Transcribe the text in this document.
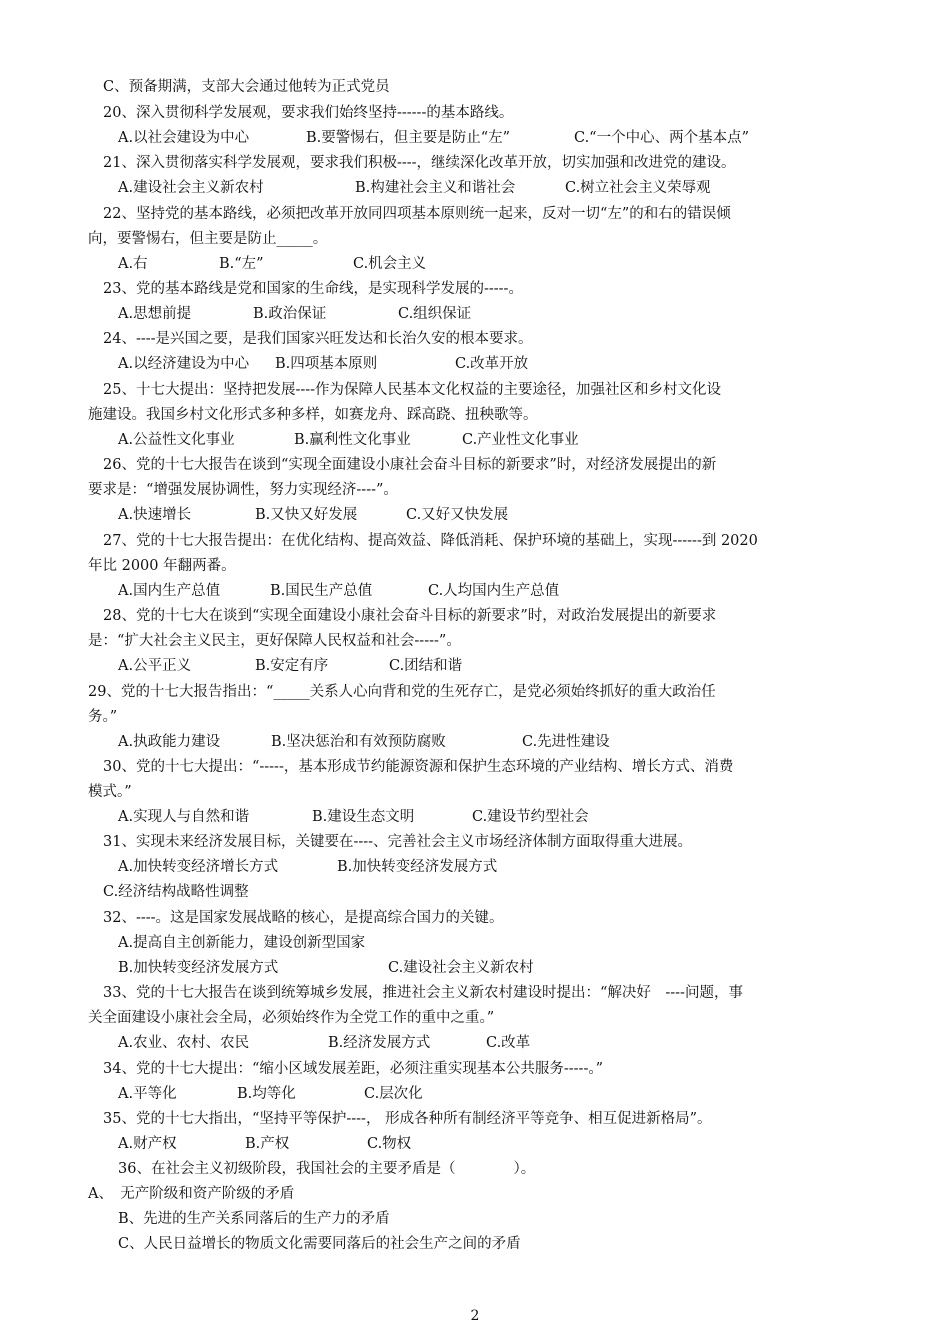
C、预备期满，支部大会通过他转为正式党员
20、深入贯彻科学发展观，要求我们始终坚持------的基本路线。
A.以社会建设为中心	B.要警惕右，但主要是防止“左”	C.“一个中心、两个基本点”
21、深入贯彻落实科学发展观，要求我们积极----，继续深化改革开放，切实加强和改进党的建设。
A.建设社会主义新农村	B.构建社会主义和谐社会	C.树立社会主义荣辱观
22、坚持党的基本路线，必须把改革开放同四项基本原则统一起来，反对一切“左”的和右的错误倾
向，要警惕右，但主要是防止_____。
A.右	B.“左”	C.机会主义
23、党的基本路线是党和国家的生命线，是实现科学发展的-----。
A.思想前提	B.政治保证	C.组织保证
24、----是兴国之要，是我们国家兴旺发达和长治久安的根本要求。
A.以经济建设为中心 B.四项基本原则	C.改革开放
25、十七大提出：坚持把发展----作为保障人民基本文化权益的主要途径，加强社区和乡村文化设
施建设。我国乡村文化形式多种多样，如赛龙舟、踩高跷、扭秧歌等。
A.公益性文化事业	B.赢利性文化事业	C.产业性文化事业
26、党的十七大报告在谈到“实现全面建设小康社会奋斗目标的新要求”时，对经济发展提出的新
要求是：“增强发展协调性，努力实现经济----”。
A.快速增长	B.又快又好发展	C.又好又快发展
27、党的十七大报告提出：在优化结构、提高效益、降低消耗、保护环境的基础上，实现------到 2020
年比 2000 年翻两番。
A.国内生产总值	B.国民生产总值	C.人均国内生产总值
28、党的十七大在谈到“实现全面建设小康社会奋斗目标的新要求”时，对政治发展提出的新要求
是：“扩大社会主义民主，更好保障人民权益和社会-----”。
A.公平正义	B.安定有序	C.团结和谐
29、党的十七大报告指出：“_____关系人心向背和党的生死存亡，是党必须始终抓好的重大政治任
务。”
A.执政能力建设	B.坚决惩治和有效预防腐败	C.先进性建设
30、党的十七大提出：“-----，基本形成节约能源资源和保护生态环境的产业结构、增长方式、消费
模式。”
A.实现人与自然和谐	B.建设生态文明	C.建设节约型社会
31、实现未来经济发展目标，关键要在----、完善社会主义市场经济体制方面取得重大进展。
A.加快转变经济增长方式	B.加快转变经济发展方式
C.经济结构战略性调整
32、----。这是国家发展战略的核心，是提高综合国力的关键。
A.提高自主创新能力，建设创新型国家
B.加快转变经济发展方式	C.建设社会主义新农村
33、党的十七大报告在谈到统筹城乡发展，推进社会主义新农村建设时提出：“解决好　----问题，事
关全面建设小康社会全局，必须始终作为全党工作的重中之重。”
A.农业、农村、农民	B.经济发展方式	C.改革
34、党的十七大提出：“缩小区域发展差距，必须注重实现基本公共服务-----。”
A.平等化	B.均等化	C.层次化
35、党的十七大指出，“坚持平等保护----， 形成各种所有制经济平等竞争、相互促进新格局”。
A.财产权	B.产权	C.物权
36、在社会主义初级阶段，我国社会的主要矛盾是（　　　　）。
A、　无产阶级和资产阶级的矛盾
B、先进的生产关系同落后的生产力的矛盾
C、人民日益增长的物质文化需要同落后的社会生产之间的矛盾
2
